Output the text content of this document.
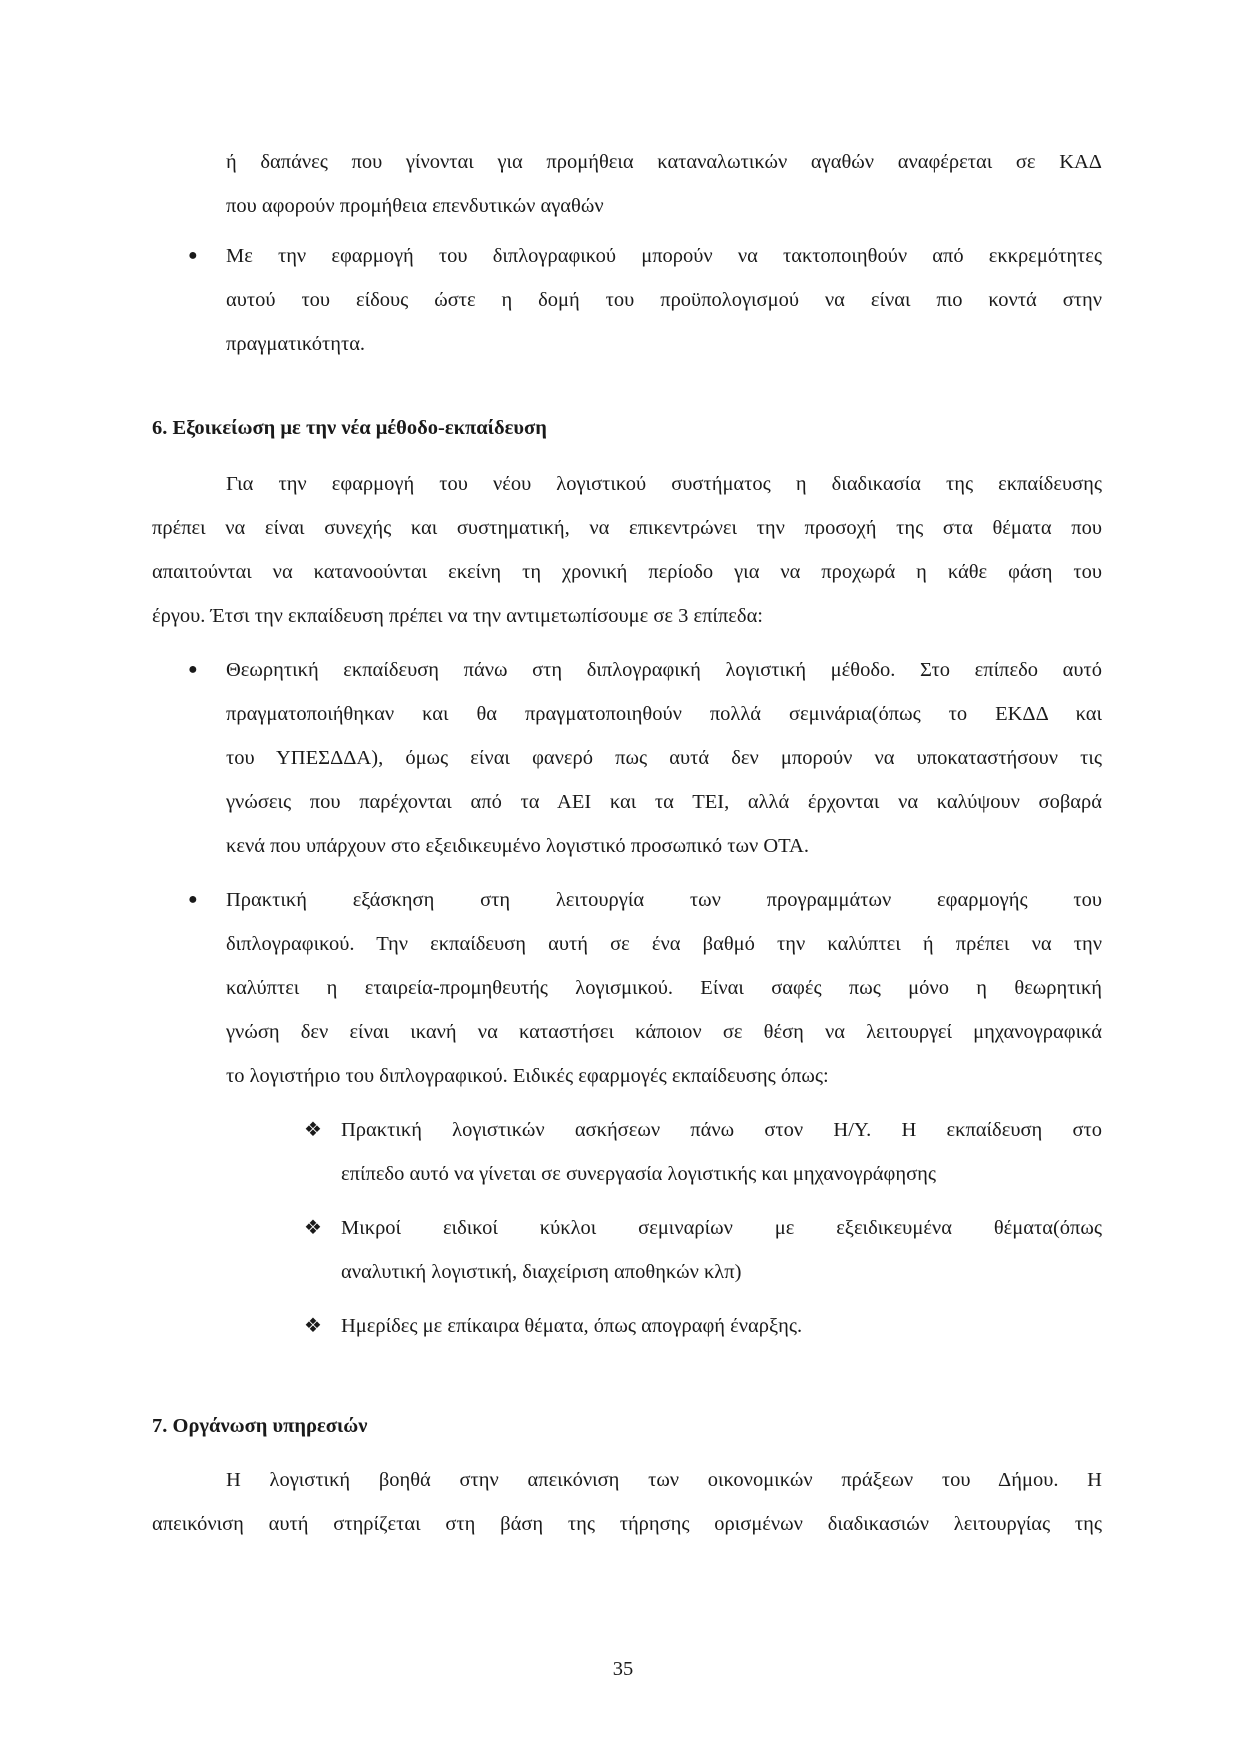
ή δαπάνες που γίνονται για προμήθεια καταναλωτικών αγαθών αναφέρεται σε ΚΑΔ
που αφορούν προμήθεια επενδυτικών αγαθών
● Με την εφαρμογή του διπλογραφικού μπορούν να τακτοποιηθούν από εκκρεμότητες
αυτού του είδους ώστε η δομή του προϋπολογισμού να είναι πιο κοντά στην
πραγματικότητα.
6. Εξοικείωση με την νέα μέθοδο-εκπαίδευση
Για την εφαρμογή του νέου λογιστικού συστήματος η διαδικασία της εκπαίδευσης
πρέπει να είναι συνεχής και συστηματική, να επικεντρώνει την προσοχή της στα θέματα που
απαιτούνται να κατανοούνται εκείνη τη χρονική περίοδο για να προχωρά η κάθε φάση του
έργου. Έτσι την εκπαίδευση πρέπει να την αντιμετωπίσουμε σε 3 επίπεδα:
● Θεωρητική εκπαίδευση πάνω στη διπλογραφική λογιστική μέθοδο. Στο επίπεδο αυτό
πραγματοποιήθηκαν και θα πραγματοποιηθούν πολλά σεμινάρια(όπως το ΕΚΔΔ και
του ΥΠΕΣΔΔΑ), όμως είναι φανερό πως αυτά δεν μπορούν να υποκαταστήσουν τις
γνώσεις που παρέχονται από τα ΑΕΙ και τα ΤΕΙ, αλλά έρχονται να καλύψουν σοβαρά
κενά που υπάρχουν στο εξειδικευμένο λογιστικό προσωπικό των ΟΤΑ.
● Πρακτική εξάσκηση στη λειτουργία των προγραμμάτων εφαρμογής του
διπλογραφικού. Την εκπαίδευση αυτή σε ένα βαθμό την καλύπτει ή πρέπει να την
καλύπτει η εταιρεία-προμηθευτής λογισμικού. Είναι σαφές πως μόνο η θεωρητική
γνώση δεν είναι ικανή να καταστήσει κάποιον σε θέση να λειτουργεί μηχανογραφικά
το λογιστήριο του διπλογραφικού. Ειδικές εφαρμογές εκπαίδευσης όπως:
❖ Πρακτική λογιστικών ασκήσεων πάνω στον Η/Υ. Η εκπαίδευση στο
επίπεδο αυτό να γίνεται σε συνεργασία λογιστικής και μηχανογράφησης
❖ Μικροί ειδικοί κύκλοι σεμιναρίων με εξειδικευμένα θέματα(όπως
αναλυτική λογιστική, διαχείριση αποθηκών κλπ)
❖ Ημερίδες με επίκαιρα θέματα, όπως απογραφή έναρξης.
7. Οργάνωση υπηρεσιών
Η λογιστική βοηθά στην απεικόνιση των οικονομικών πράξεων του Δήμου. Η
απεικόνιση αυτή στηρίζεται στη βάση της τήρησης ορισμένων διαδικασιών λειτουργίας της
35
